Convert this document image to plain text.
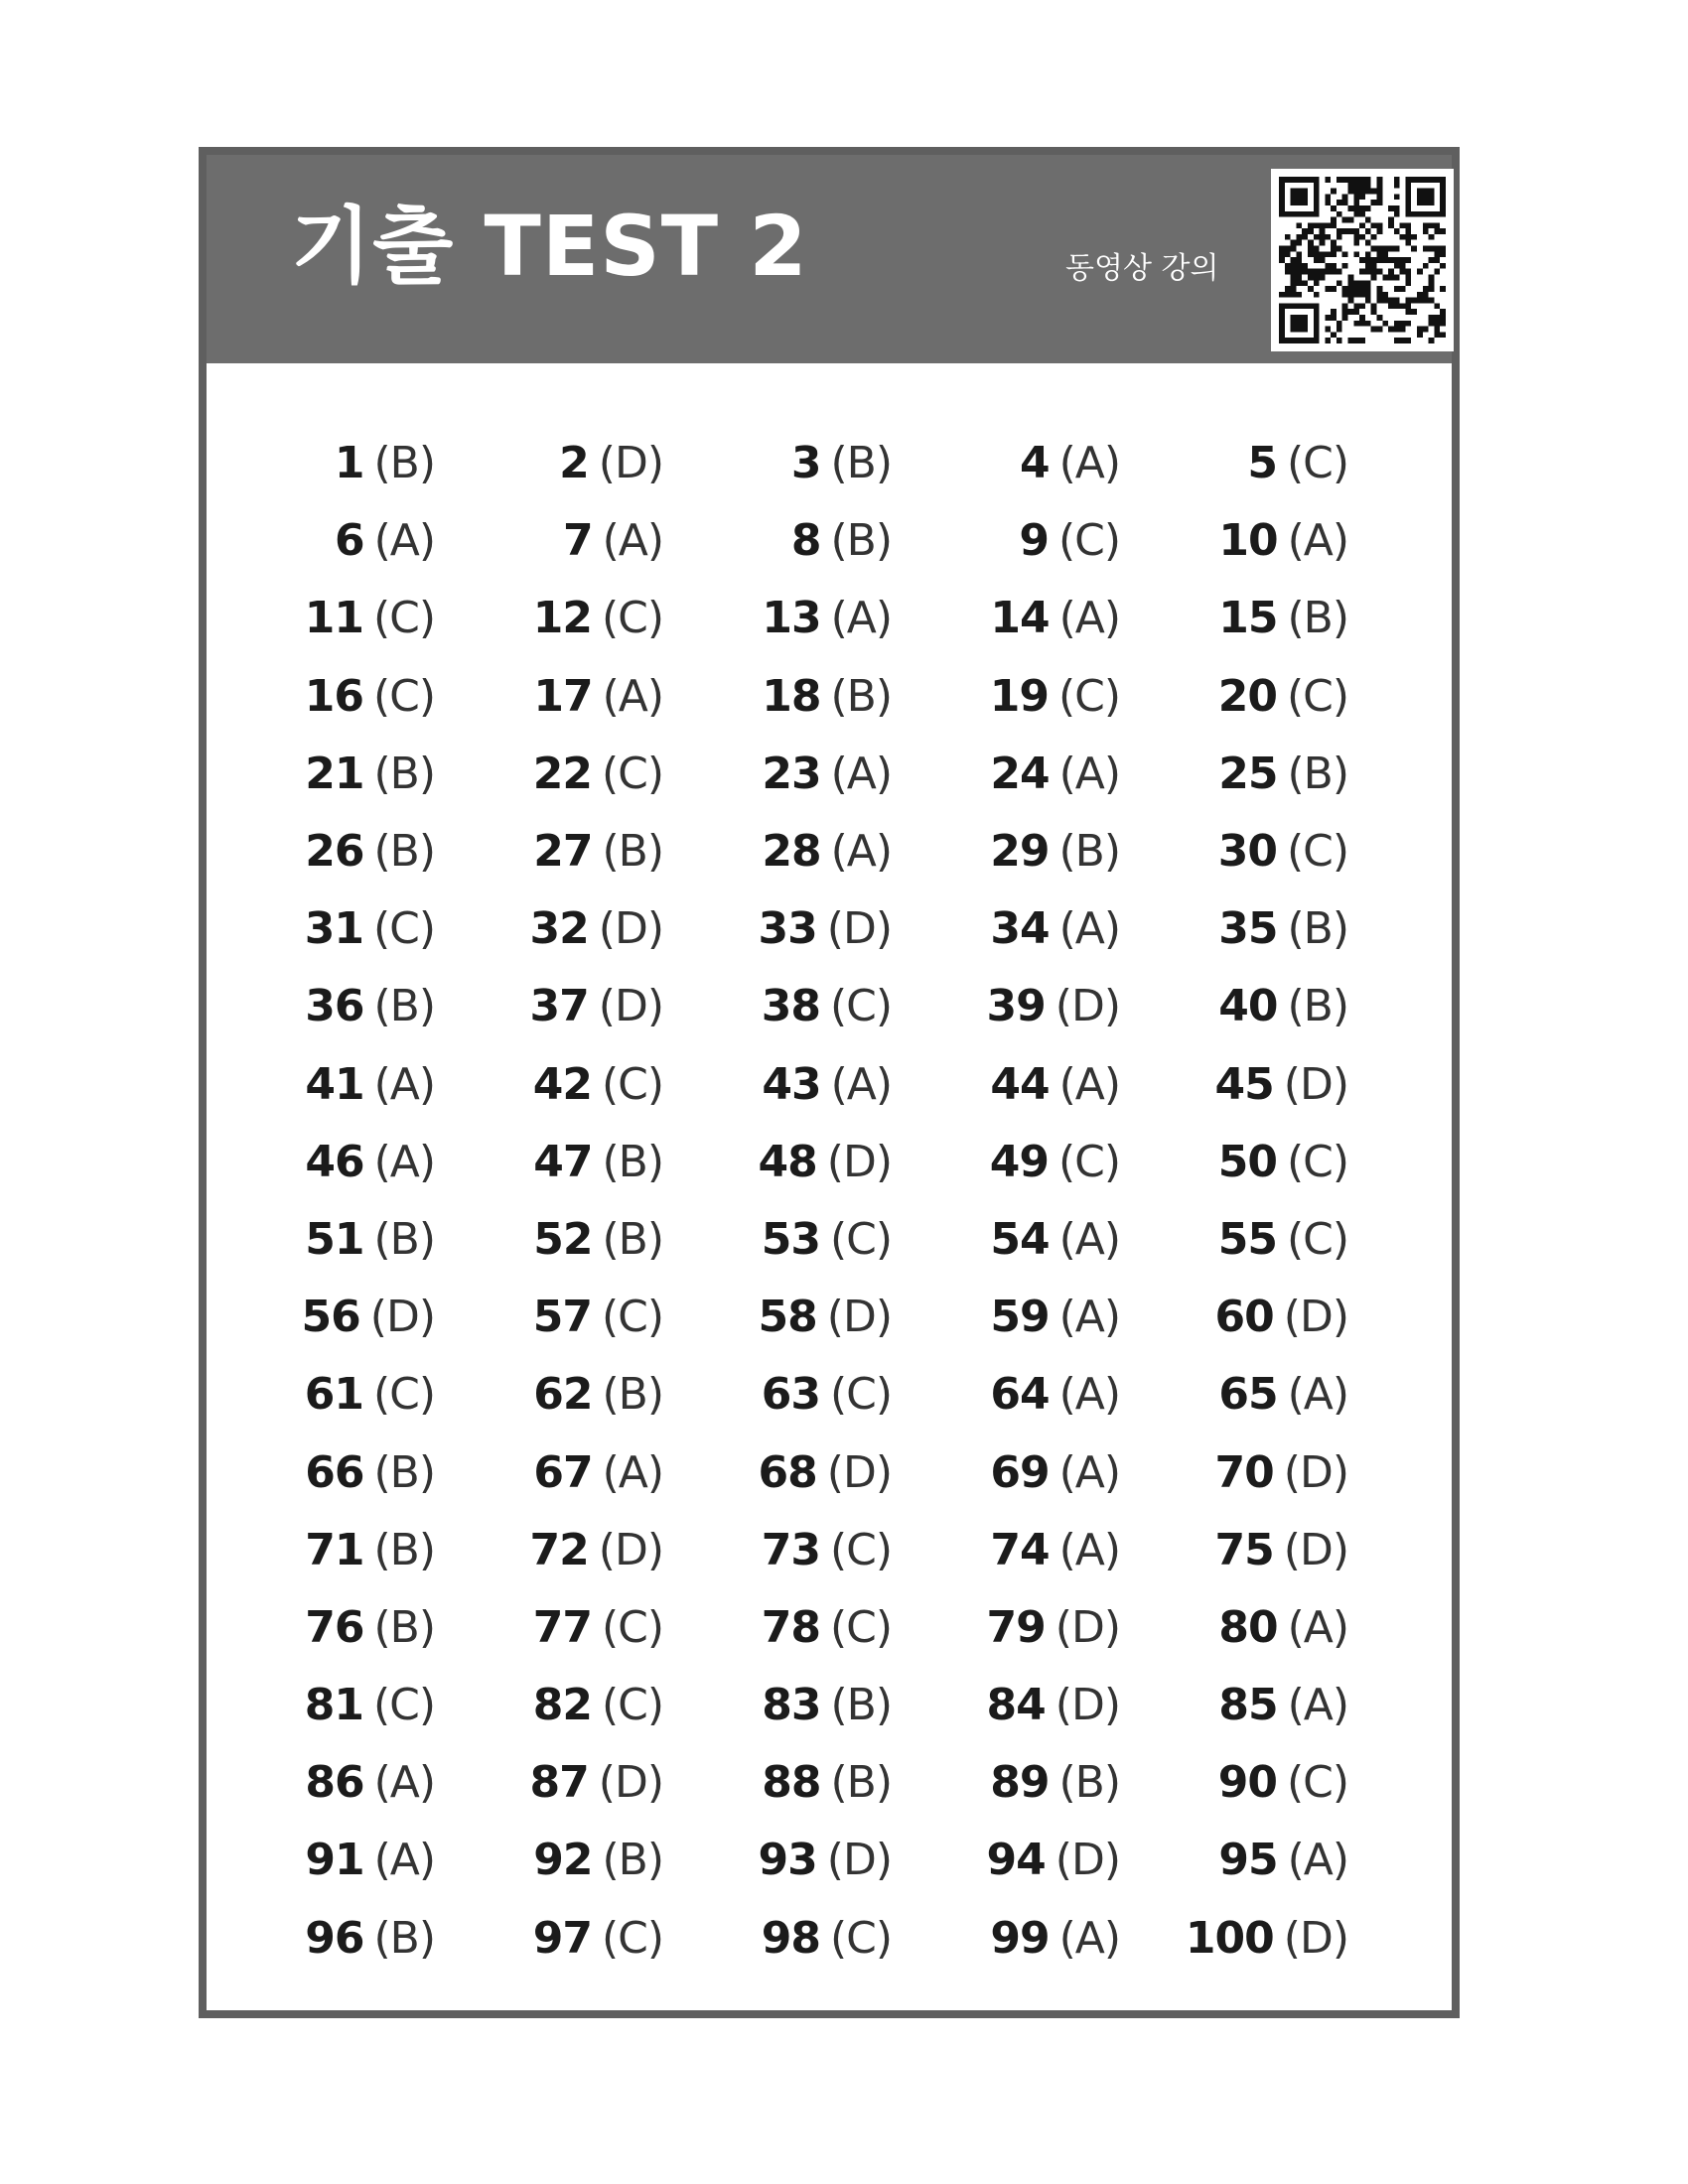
기출 TEST 2	동영상 강의
1 (B)	2 (D)	3 (B)	4 (A)	5 (C)
6 (A)	7 (A)	8 (B)	9 (C) 10 (A)
11 (C) 12 (C) 13 (A) 14 (A) 15 (B)
16 (C) 17 (A) 18 (B) 19 (C) 20 (C)
21 (B) 22 (C) 23 (A) 24 (A) 25 (B)
26 (B) 27 (B) 28 (A) 29 (B) 30 (C)
31 (C) 32 (D) 33 (D) 34 (A) 35 (B)
36 (B) 37 (D) 38 (C) 39 (D) 40 (B)
41 (A) 42 (C) 43 (A) 44 (A) 45 (D)
46 (A) 47 (B) 48 (D) 49 (C) 50 (C)
51 (B) 52 (B) 53 (C) 54 (A) 55 (C)
56 (D) 57 (C) 58 (D) 59 (A) 60 (D)
61 (C) 62 (B) 63 (C) 64 (A) 65 (A)
66 (B) 67 (A) 68 (D) 69 (A) 70 (D)
71 (B) 72 (D) 73 (C) 74 (A) 75 (D)
76 (B) 77 (C) 78 (C) 79 (D) 80 (A)
81 (C) 82 (C) 83 (B) 84 (D) 85 (A)
86 (A) 87 (D) 88 (B) 89 (B) 90 (C)
91 (A) 92 (B) 93 (D) 94 (D) 95 (A)
96 (B) 97 (C) 98 (C) 99 (A) 100 (D)
